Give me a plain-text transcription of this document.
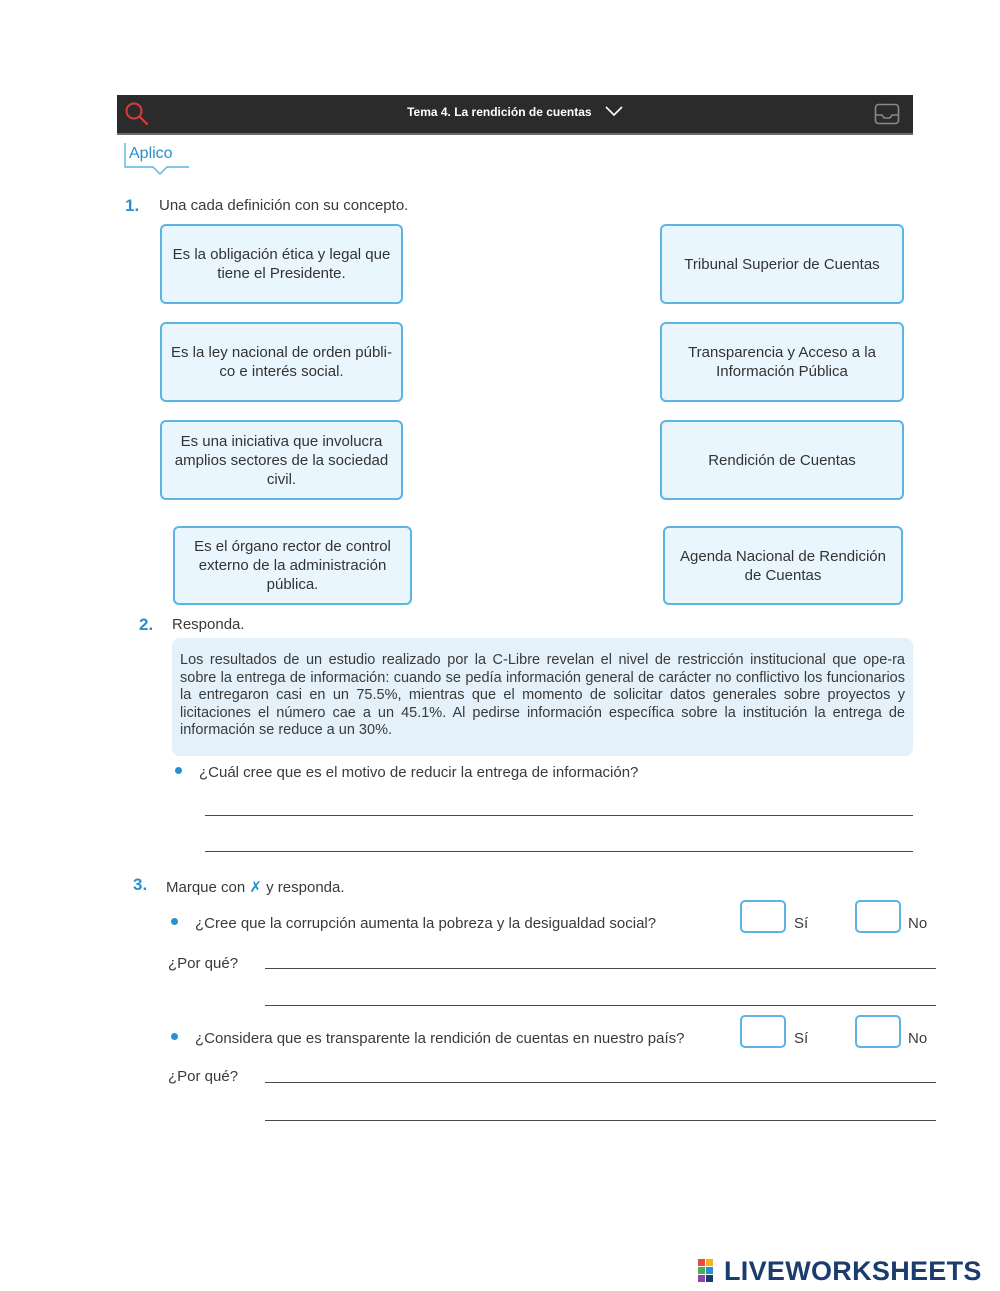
Tema 4. La rendición de cuentas
Aplico
1. Una cada definición con su concepto.
Es la obligación ética y legal que tiene el Presidente.
Es la ley nacional de orden públi-co e interés social.
Es una iniciativa que involucra amplios sectores de la sociedad civil.
Es el órgano rector de control externo de la administración pública.
Tribunal Superior de Cuentas
Transparencia y Acceso a la Información Pública
Rendición de Cuentas
Agenda Nacional de Rendición de Cuentas
2. Responda.
Los resultados de un estudio realizado por la C-Libre revelan el nivel de restricción institucional que ope-ra sobre la entrega de información: cuando se pedía información general de carácter no conflictivo los funcionarios la entregaron casi en un 75.5%, mientras que el momento de solicitar datos generales sobre proyectos y licitaciones el número cae a un 45.1%. Al pedirse información específica sobre la institución la entrega de información se reduce a un 30%.
¿Cuál cree que es el motivo de reducir la entrega de información?
3. Marque con ✗ y responda.
¿Cree que la corrupción aumenta la pobreza y la desigualdad social?	Sí	No
¿Por qué?
¿Considera que es transparente la rendición de cuentas en nuestro país?	Sí	No
¿Por qué?
LIVEWORKSHEETS
